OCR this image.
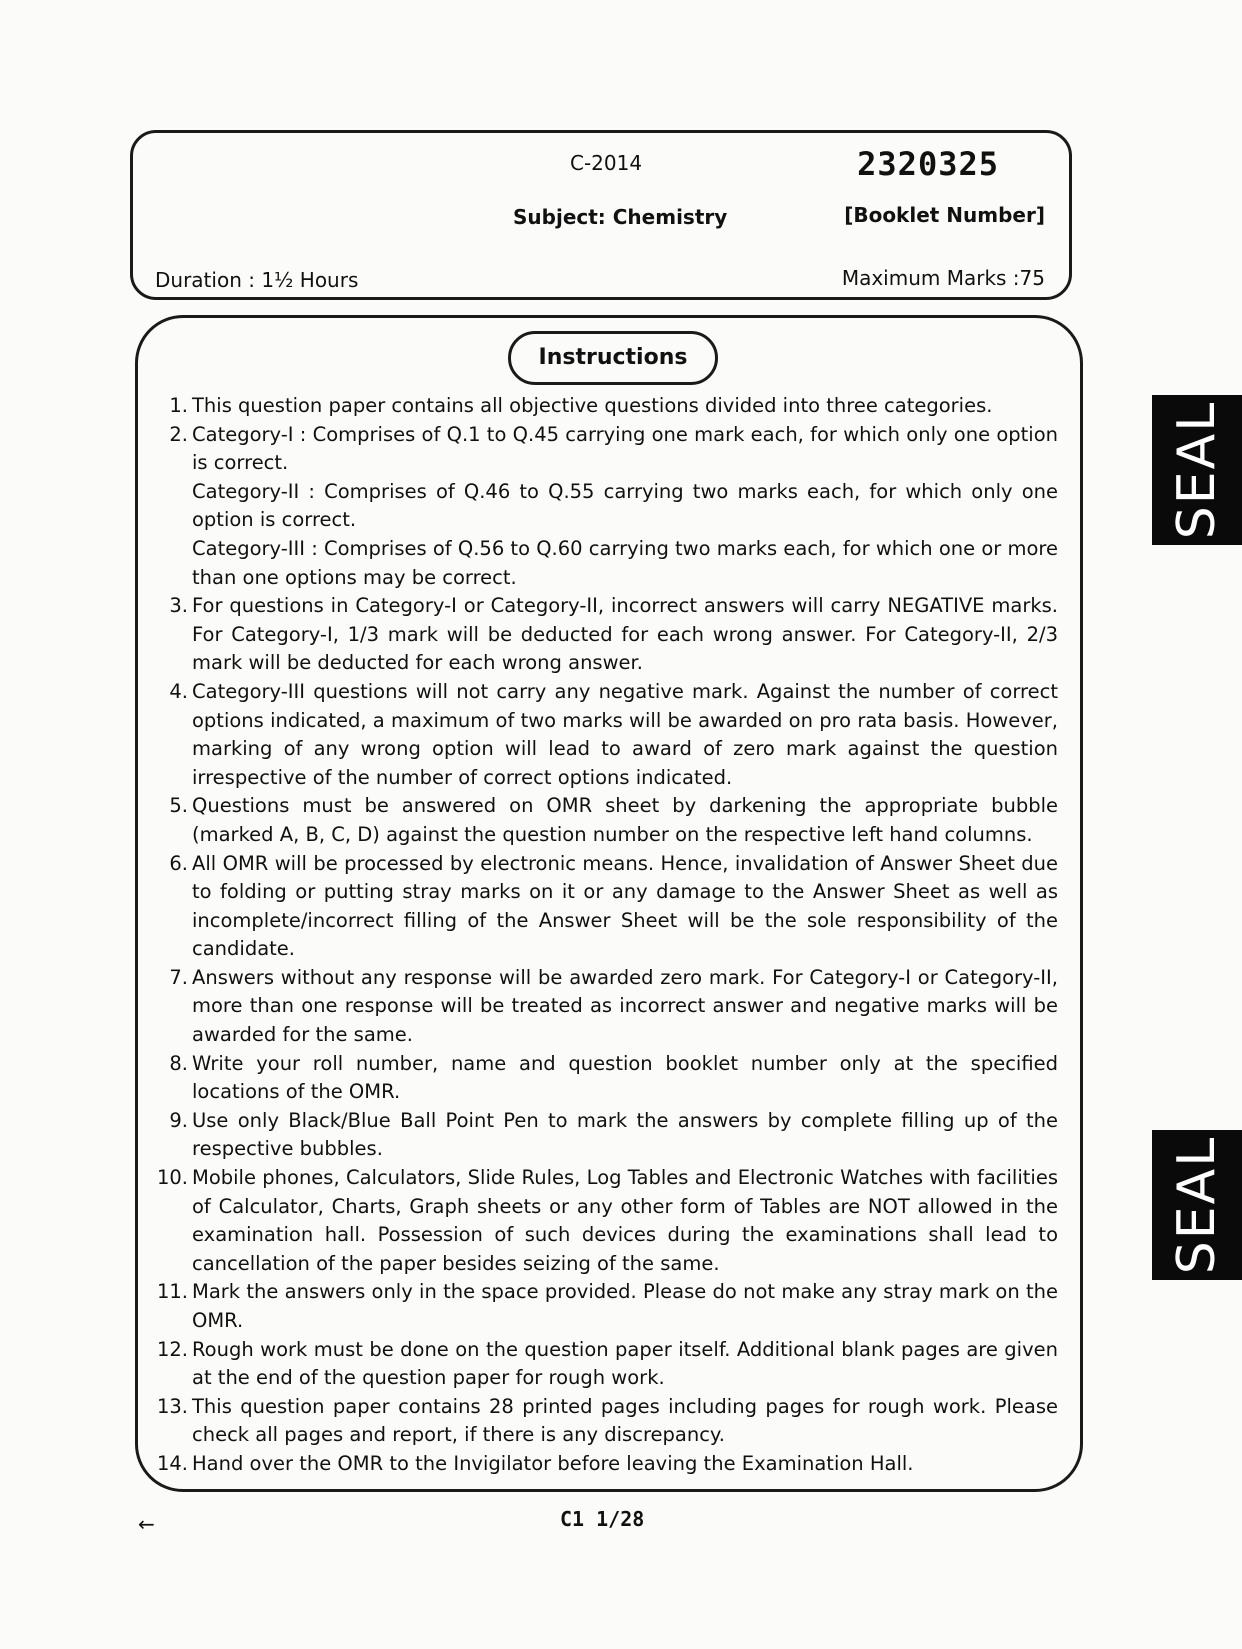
C-2014	2320325
Subject: Chemistry	[Booklet Number]
Duration : 1½ Hours	Maximum Marks :75
Instructions
1. This question paper contains all objective questions divided into three categories.
2. Category-I : Comprises of Q.1 to Q.45 carrying one mark each, for which only one option is correct.
Category-II : Comprises of Q.46 to Q.55 carrying two marks each, for which only one option is correct.
Category-III : Comprises of Q.56 to Q.60 carrying two marks each, for which one or more than one options may be correct.
3. For questions in Category-I or Category-II, incorrect answers will carry NEGATIVE marks. For Category-I, 1/3 mark will be deducted for each wrong answer. For Category-II, 2/3 mark will be deducted for each wrong answer.
4. Category-III questions will not carry any negative mark. Against the number of correct options indicated, a maximum of two marks will be awarded on pro rata basis. However, marking of any wrong option will lead to award of zero mark against the question irrespective of the number of correct options indicated.
5. Questions must be answered on OMR sheet by darkening the appropriate bubble (marked A, B, C, D) against the question number on the respective left hand columns.
6. All OMR will be processed by electronic means. Hence, invalidation of Answer Sheet due to folding or putting stray marks on it or any damage to the Answer Sheet as well as incomplete/incorrect filling of the Answer Sheet will be the sole responsibility of the candidate.
7. Answers without any response will be awarded zero mark. For Category-I or Category-II, more than one response will be treated as incorrect answer and negative marks will be awarded for the same.
8. Write your roll number, name and question booklet number only at the specified locations of the OMR.
9. Use only Black/Blue Ball Point Pen to mark the answers by complete filling up of the respective bubbles.
10. Mobile phones, Calculators, Slide Rules, Log Tables and Electronic Watches with facilities of Calculator, Charts, Graph sheets or any other form of Tables are NOT allowed in the examination hall. Possession of such devices during the examinations shall lead to cancellation of the paper besides seizing of the same.
11. Mark the answers only in the space provided. Please do not make any stray mark on the OMR.
12. Rough work must be done on the question paper itself. Additional blank pages are given at the end of the question paper for rough work.
13. This question paper contains 28 printed pages including pages for rough work. Please check all pages and report, if there is any discrepancy.
14. Hand over the OMR to the Invigilator before leaving the Examination Hall.
SEAL
SEAL
←	C1 1/28
